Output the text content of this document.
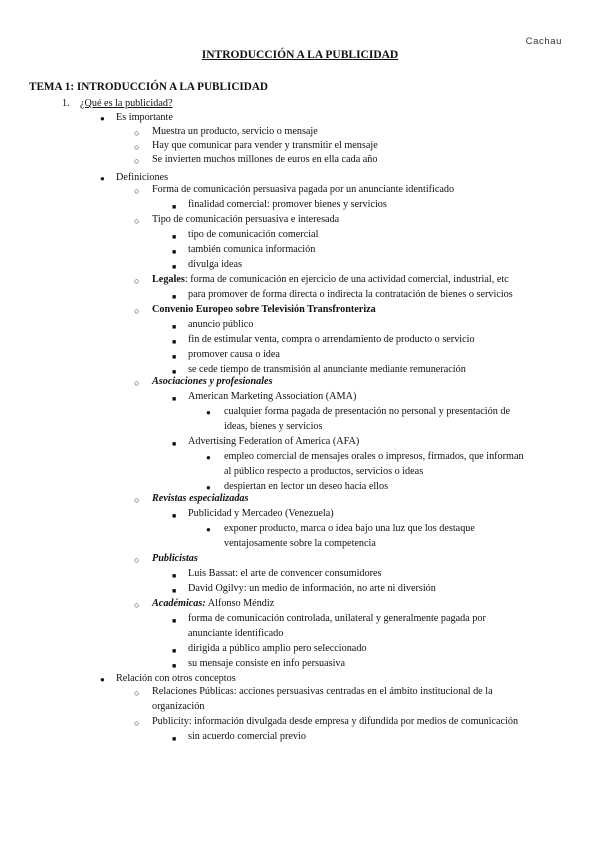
Cachau
INTRODUCCIÓN A LA PUBLICIDAD
TEMA 1: INTRODUCCIÓN A LA PUBLICIDAD
1. ¿Qué es la publicidad?
● Es importante
○ Muestra un producto, servicio o mensaje
○ Hay que comunicar para vender y transmitir el mensaje
○ Se invierten muchos millones de euros en ella cada año
● Definiciones
○ Forma de comunicación persuasiva pagada por un anunciante identificado
■ finalidad comercial: promover bienes y servicios
○ Tipo de comunicación persuasiva e interesada
■ tipo de comunicación comercial
■ también comunica información
■ divulga ideas
○ Legales: forma de comunicación en ejercicio de una actividad comercial, industrial, etc
■ para promover de forma directa o indirecta la contratación de bienes o servicios
○ Convenio Europeo sobre Televisión Transfronteriza
■ anuncio público
■ fin de estimular venta, compra o arrendamiento de producto o servicio
■ promover causa o idea
■ se cede tiempo de transmisión al anunciante mediante remuneración
○ Asociaciones y profesionales
■ American Marketing Association (AMA)
● cualquier forma pagada de presentación no personal y presentación de
ideas, bienes y servicios
■ Advertising Federation of America (AFA)
● empleo comercial de mensajes orales o impresos, firmados, que informan
al público respecto a productos, servicios o ideas
● despiertan en lector un deseo hacia ellos
○ Revistas especializadas
■ Publicidad y Mercadeo (Venezuela)
● exponer producto, marca o idea bajo una luz que los destaque
ventajosamente sobre la competencia
○ Publicistas
■ Luis Bassat: el arte de convencer consumidores
■ David Ogilvy: un medio de información, no arte ni diversión
○ Académicas: Alfonso Méndiz
■ forma de comunicación controlada, unilateral y generalmente pagada por
anunciante identificado
■ dirigida a público amplio pero seleccionado
■ su mensaje consiste en info persuasiva
● Relación con otros conceptos
○ Relaciones Públicas: acciones persuasivas centradas en el ámbito institucional de la
organización
○ Publicity: información divulgada desde empresa y difundida por medios de comunicación
■ sin acuerdo comercial previo
